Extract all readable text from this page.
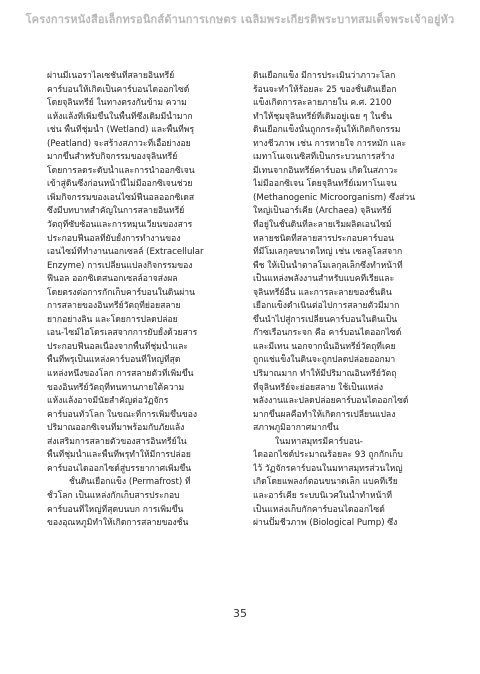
โครงการหนังสือเล็กทรอนิกส์ด้านการเกษตร เฉลิมพระเกียรติพระบาทสมเด็จพระเจ้าอยู่หัว
ผ่านมีเนอราไลเซชันที่สลายอินทรีย์
คาร์บอนให้เกิดเป็นคาร์บอนไดออกไซด์
โดยจุลินทรีย์ ในทางตรงกันข้าม ความ
แห้งแล้งที่เพิ่มขึ้นในพื้นที่ซึ่งเดิมมีน้ำมาก
เช่น พื้นที่ชุ่มน้ำ (Wetland) และพื้นที่พรุ
(Peatland) จะสร้างสภาวะที่เอื้อย่างอย
มากขึ้นสำหรับกิจกรรมของจุลินทรีย์
โดยการลดระดับน้ำและการนำออกซิเจน
เข้าสู่ดินซึ่งก่อนหน้านี้ไม่มีออกซิเจนช่วย
เพิ่มกิจกรรมของเอนไซม์ฟีนอลออกซิเดส
ซึ่งมีบทบาทสำคัญในการสลายอินทรีย์
วัตถุที่ซับซ้อนและการหมุนเวียนของสาร
ประกอบฟีนอลที่ยับยั้งการทำงานของ
เอนไซม์ที่ทำงานนอกเซลล์ (Extracellular
Enzyme) การเปลี่ยนแปลงกิจกรรมของ
ฟีนอล ออกซิเดสนอกเซลล์อาจส่งผล
โดยตรงต่อการกักเก็บคาร์บอนในดินผ่าน
การสลายของอินทรีย์วัตถุที่ย่อยสลาย
ยากอย่างลิน และโดยการปลดปล่อย
เอน-ไซม์ไฮโดรเลสจากการยับยั้งด้วยสาร
ประกอบฟีนอลเนื่องจากพื้นที่ชุ่มน้ำและ
พื้นที่พรุเป็นแหล่งคาร์บอนที่ใหญ่ที่สุด
แหล่งหนึ่งของโลก การสลายตัวที่เพิ่มขึ้น
ของอินทรีย์วัตถุที่ทนทานภายใต้ความ
แห้งแล้งอาจมีนัยสำคัญต่อวัฏจักร
คาร์บอนทั่วโลก ในขณะที่การเพิ่มขึ้นของ
ปริมาณออกซิเจนที่มาพร้อมกับภัยแล้ง
ส่งเสริมการสลายตัวของสารอินทรีย์ใน
พื้นที่ชุ่มน้ำและพื้นที่พรุทำให้มีการปล่อย
คาร์บอนไดออกไซด์สู่บรรยากาศเพิ่มขึ้น
ชั้นดินเยือกแข็ง (Permafrost) ที่
ชั้วโลก เป็นแหล่งกักเก็บสารประกอบ
คาร์บอนที่ใหญ่ที่สุดบนบก การเพิ่มขึ้น
ของอุณหภูมิทำให้เกิดการสลายของชั้น
ดินเยือกแข็ง มีการประเมินว่าภาวะโลก
ร้อนจะทำให้ร้อยละ 25 ของชั้นดินเยือก
แข็งเกิดการละลายภายใน ค.ศ. 2100
ทำให้ชุมจุลินทรีย์ที่เดิมอยู่เฉย ๆ ในชั้น
ดินเยือกแข็งนั้นถูกกระตุ้นให้เกิดกิจกรรม
ทางชีวภาพ เช่น การหายใจ การหมัก และ
เมทาโนเจเนซิสที่เป็นกระบวนการสร้าง
มีเทนจากอินทรีย์คาร์บอน เกิดในสภาวะ
ไม่มีออกซิเจน โดยจุลินทรีย์เมทาโนเจน
(Methanogenic Microorganism) ซึ่งส่วน
ใหญ่เป็นอาร์เคีย (Archaea) จุลินทรีย์
ที่อยู่ในชั้นดินที่ละลายเริ่มผลิตเอนไซม์
หลายชนิดที่สลายสารประกอบคาร์บอน
ที่มีโมเลกุลขนาดใหญ่ เช่น เซลลูโลสจาก
พืช ให้เป็นน้ำตาลโมเลกุลเล็กซึ่งทำหน้าที่
เป็นแหล่งพลังงานสำหรับแบคทีเรียและ
จุลินทรีย์อื่น และการละลายของชั้นดิน
เยือกแข็งดำเนินต่อไปการสลายตัวมีมาก
ขึ้นนำไปสู่การเปลี่ยนคาร์บอนในดินเป็น
ก๊าซเรือนกระจก คือ คาร์บอนไดออกไซด์
และมีเทน นอกจากนั้นอินทรีย์วัตถุที่เคย
ถูกแช่แข็งในดินจะถูกปลดปล่อยออกมา
ปริมาณมาก ทำให้มีปริมาณอินทรีย์วัตถุ
ที่จุลินทรีย์จะย่อยสลาย ใช้เป็นแหล่ง
พลังงานและปลดปล่อยคาร์บอนไดออกไซด์
มากขึ้นผลคือทำให้เกิดการเปลี่ยนแปลง
สภาพภูมิอากาศมากขึ้น
ในมหาสมุทรมีคาร์บอน-
ไดออกไซด์ประมาณร้อยละ 93 ถูกกักเก็บ
ไว้ วัฏจักรคาร์บอนในมหาสมุทรส่วนใหญ่
เกิดโดยแพลงก์ตอนขนาดเล็ก แบคทีเรีย
และอาร์เคีย ระบบนิเวศในน้ำทำหน้าที่
เป็นแหล่งเก็บกักคาร์บอนไดออกไซด์
ผ่านปั๊มชีวภาพ (Biological Pump) ซึ่ง
35
